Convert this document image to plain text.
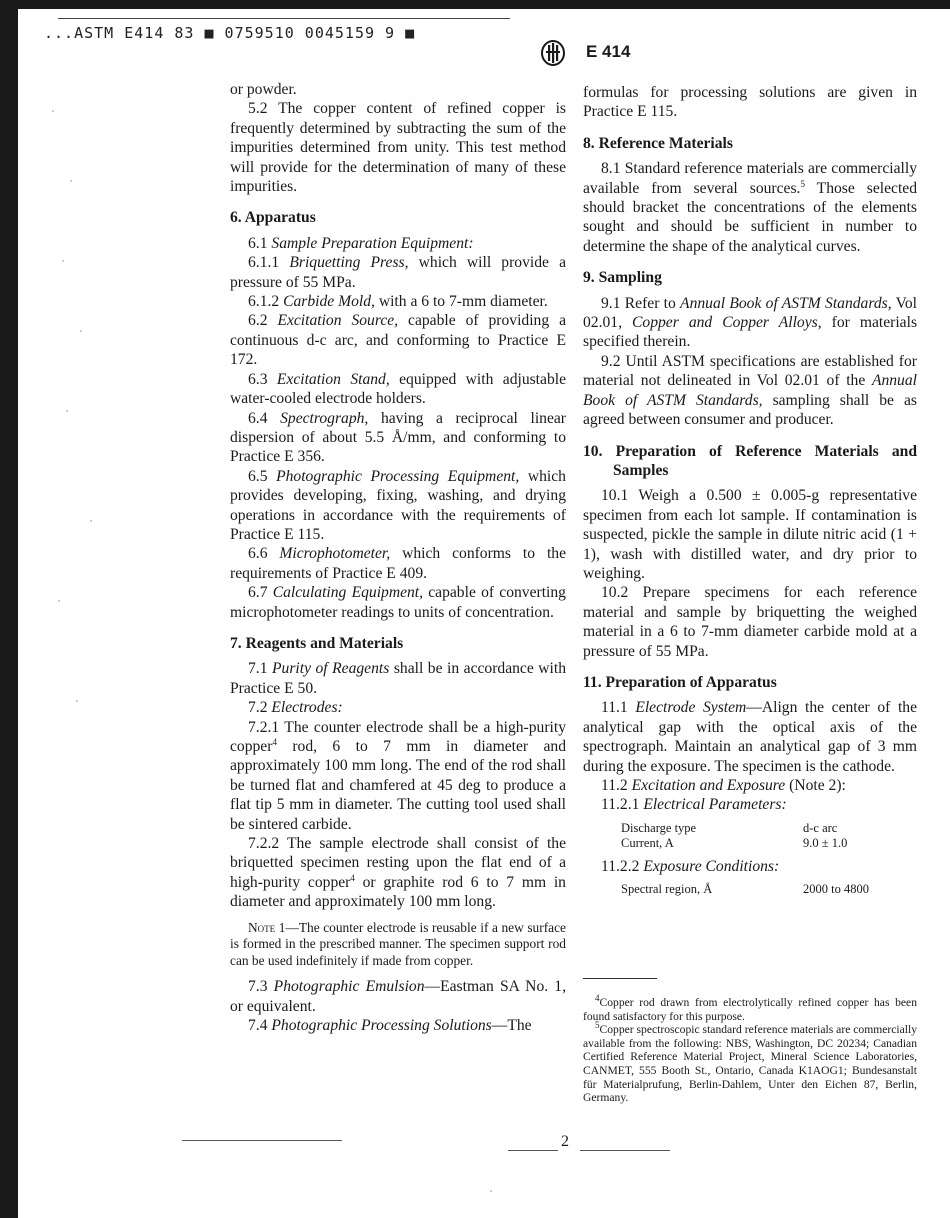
...ASTM E414 83 ■ 0759510 0045159 9 ■
E 414

or powder.

5.2 The copper content of refined copper is frequently determined by subtracting the sum of the impurities determined from unity. This test method will provide for the determination of many of these impurities.

6. Apparatus

6.1 Sample Preparation Equipment:

6.1.1 Briquetting Press, which will provide a pressure of 55 MPa.

6.1.2 Carbide Mold, with a 6 to 7-mm diameter.

6.2 Excitation Source, capable of providing a continuous d-c arc, and conforming to Practice E 172.

6.3 Excitation Stand, equipped with adjustable water-cooled electrode holders.

6.4 Spectrograph, having a reciprocal linear dispersion of about 5.5 Å/mm, and conforming to Practice E 356.

6.5 Photographic Processing Equipment, which provides developing, fixing, washing, and drying operations in accordance with the requirements of Practice E 115.

6.6 Microphotometer, which conforms to the requirements of Practice E 409.

6.7 Calculating Equipment, capable of converting microphotometer readings to units of concentration.

7. Reagents and Materials

7.1 Purity of Reagents shall be in accordance with Practice E 50.

7.2 Electrodes:

7.2.1 The counter electrode shall be a high-purity copper$^4$ rod, 6 to 7 mm in diameter and approximately 100 mm long. The end of the rod shall be turned flat and chamfered at 45 deg to produce a flat tip 5 mm in diameter. The cutting tool used shall be sintered carbide.

7.2.2 The sample electrode shall consist of the briquetted specimen resting upon the flat end of a high-purity copper$^4$ or graphite rod 6 to 7 mm in diameter and approximately 100 mm long.

Note 1—The counter electrode is reusable if a new surface is formed in the prescribed manner. The specimen support rod can be used indefinitely if made from copper.

7.3 Photographic Emulsion—Eastman SA No. 1, or equivalent.

7.4 Photographic Processing Solutions—The

formulas for processing solutions are given in Practice E 115.

8. Reference Materials

8.1 Standard reference materials are commercially available from several sources.$^5$ Those selected should bracket the concentrations of the elements sought and should be sufficient in number to determine the shape of the analytical curves.

9. Sampling

9.1 Refer to Annual Book of ASTM Standards, Vol 02.01, Copper and Copper Alloys, for materials specified therein.

9.2 Until ASTM specifications are established for material not delineated in Vol 02.01 of the Annual Book of ASTM Standards, sampling shall be as agreed between consumer and producer.

10. Preparation of Reference Materials and Samples

10.1 Weigh a 0.500 ± 0.005-g representative specimen from each lot sample. If contamination is suspected, pickle the sample in dilute nitric acid (1 + 1), wash with distilled water, and dry prior to weighing.

10.2 Prepare specimens for each reference material and sample by briquetting the weighed material in a 6 to 7-mm diameter carbide mold at a pressure of 55 MPa.

11. Preparation of Apparatus

11.1 Electrode System—Align the center of the analytical gap with the optical axis of the spectrograph. Maintain an analytical gap of 3 mm during the exposure. The specimen is the cathode.

11.2 Excitation and Exposure (Note 2):

11.2.1 Electrical Parameters:

Discharge type	d-c arc
Current, A	9.0 ± 1.0

11.2.2 Exposure Conditions:

Spectral region, Å	2000 to 4800

$^4$Copper rod drawn from electrolytically refined copper has been found satisfactory for this purpose.

$^5$Copper spectroscopic standard reference materials are commercially available from the following: NBS, Washington, DC 20234; Canadian Certified Reference Material Project, Mineral Science Laboratories, CANMET, 555 Booth St., Ontario, Canada K1AOG1; Bundesanstalt für Materialprufung, Berlin-Dahlem, Unter den Eichen 87, Berlin, Germany.

2
